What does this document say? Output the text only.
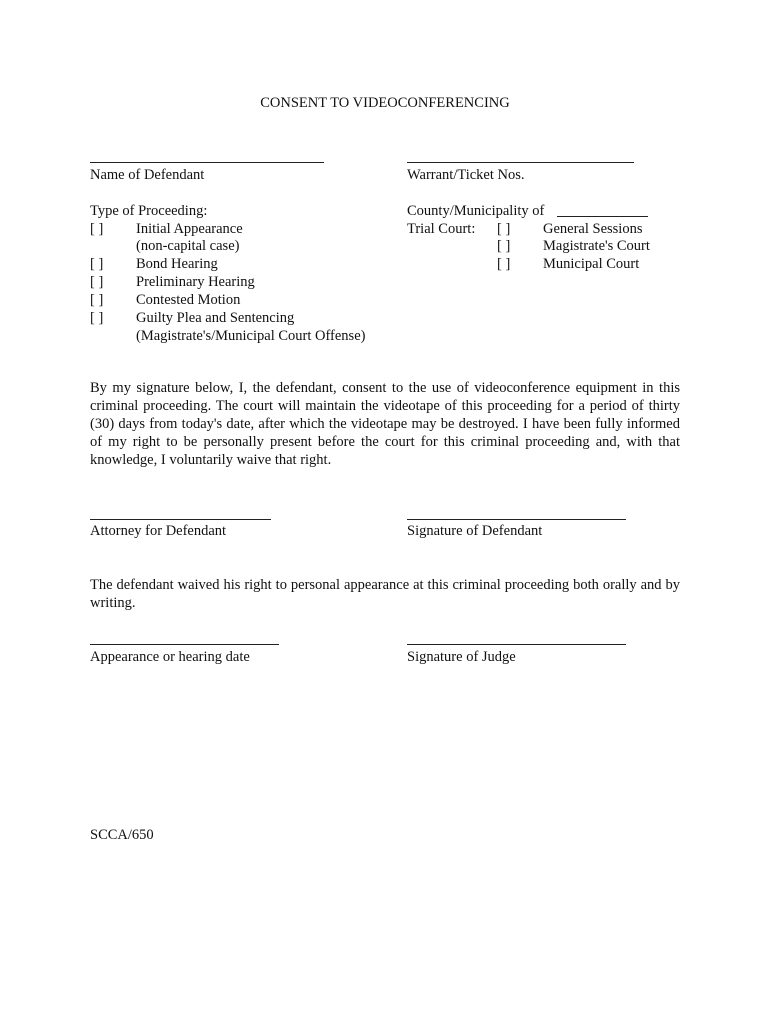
CONSENT TO VIDEOCONFERENCING
Name of Defendant	Warrant/Ticket Nos.
Type of Proceeding:
[ ] Initial Appearance
(non-capital case)
[ ] Bond Hearing
[ ] Preliminary Hearing
[ ] Contested Motion
[ ] Guilty Plea and Sentencing
(Magistrate's/Municipal Court Offense)
County/Municipality of
Trial Court: [ ] General Sessions
[ ] Magistrate's Court
[ ] Municipal Court
By my signature below, I, the defendant, consent to the use of videoconference equipment in this criminal proceeding. The court will maintain the videotape of this proceeding for a period of thirty (30) days from today's date, after which the videotape may be destroyed. I have been fully informed of my right to be personally present before the court for this criminal proceeding and, with that knowledge, I voluntarily waive that right.
Attorney for Defendant	Signature of Defendant
The defendant waived his right to personal appearance at this criminal proceeding both orally and by writing.
Appearance or hearing date	Signature of Judge
SCCA/650
